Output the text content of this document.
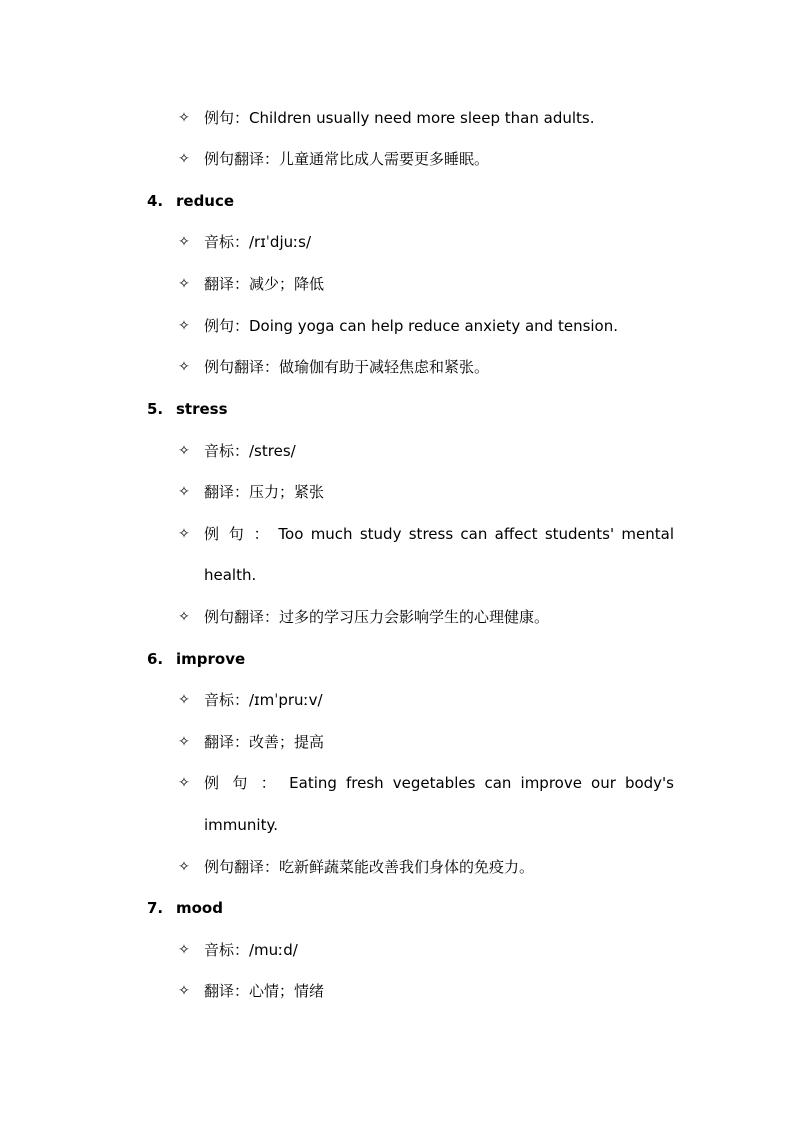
✧ 例句：Children usually need more sleep than adults.
✧ 例句翻译：儿童通常比成人需要更多睡眠。
4. reduce
✧ 音标：/rɪˈdjuːs/
✧ 翻译：减少；降低
✧ 例句：Doing yoga can help reduce anxiety and tension.
✧ 例句翻译：做瑜伽有助于减轻焦虑和紧张。
5. stress
✧ 音标：/stres/
✧ 翻译：压力；紧张
✧ 例 句 ： Too much study stress can affect students' mental
health.
✧ 例句翻译：过多的学习压力会影响学生的心理健康。
6. improve
✧ 音标：/ɪmˈpruːv/
✧ 翻译：改善；提高
✧ 例 句 ： Eating fresh vegetables can improve our body's
immunity.
✧ 例句翻译：吃新鲜蔬菜能改善我们身体的免疫力。
7. mood
✧ 音标：/muːd/
✧ 翻译：心情；情绪
